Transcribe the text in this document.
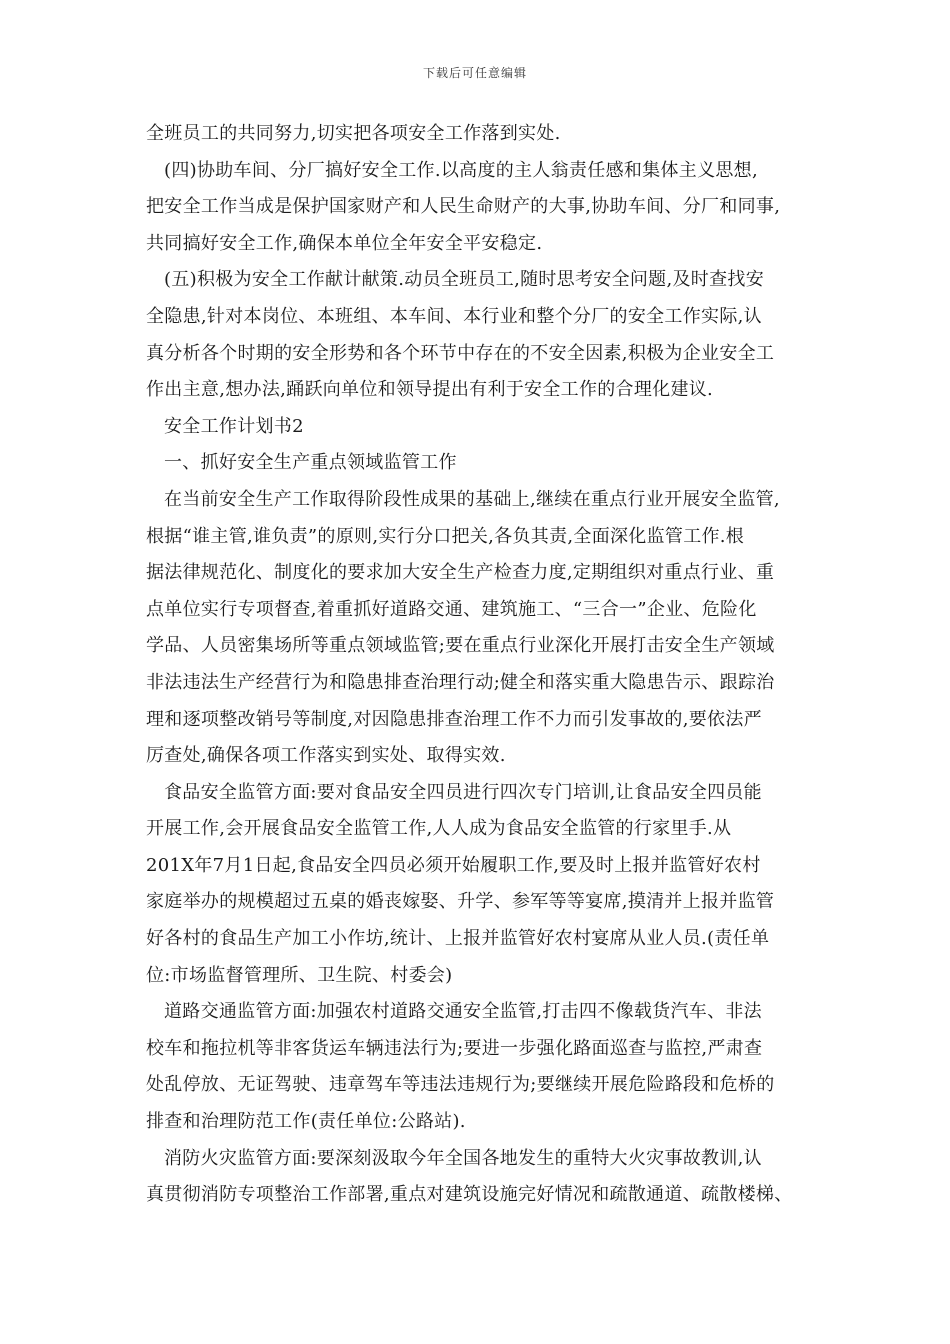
下载后可任意编辑
全班员工的共同努力,切实把各项安全工作落到实处.
(四)协助车间、分厂搞好安全工作.以高度的主人翁责任感和集体主义思想,
把安全工作当成是保护国家财产和人民生命财产的大事,协助车间、分厂和同事,
共同搞好安全工作,确保本单位全年安全平安稳定.
(五)积极为安全工作献计献策.动员全班员工,随时思考安全问题,及时查找安
全隐患,针对本岗位、本班组、本车间、本行业和整个分厂的安全工作实际,认
真分析各个时期的安全形势和各个环节中存在的不安全因素,积极为企业安全工
作出主意,想办法,踊跃向单位和领导提出有利于安全工作的合理化建议.
安全工作计划书2
一、抓好安全生产重点领域监管工作
在当前安全生产工作取得阶段性成果的基础上,继续在重点行业开展安全监管,
根据“谁主管,谁负责”的原则,实行分口把关,各负其责,全面深化监管工作.根
据法律规范化、制度化的要求加大安全生产检查力度,定期组织对重点行业、重
点单位实行专项督查,着重抓好道路交通、建筑施工、“三合一”企业、危险化
学品、人员密集场所等重点领域监管;要在重点行业深化开展打击安全生产领域
非法违法生产经营行为和隐患排查治理行动;健全和落实重大隐患告示、跟踪治
理和逐项整改销号等制度,对因隐患排查治理工作不力而引发事故的,要依法严
厉查处,确保各项工作落实到实处、取得实效.
食品安全监管方面:要对食品安全四员进行四次专门培训,让食品安全四员能
开展工作,会开展食品安全监管工作,人人成为食品安全监管的行家里手.从
201X年7月1日起,食品安全四员必须开始履职工作,要及时上报并监管好农村
家庭举办的规模超过五桌的婚丧嫁娶、升学、参军等等宴席,摸清并上报并监管
好各村的食品生产加工小作坊,统计、上报并监管好农村宴席从业人员.(责任单
位:市场监督管理所、卫生院、村委会)
道路交通监管方面:加强农村道路交通安全监管,打击四不像载货汽车、非法
校车和拖拉机等非客货运车辆违法行为;要进一步强化路面巡查与监控,严肃查
处乱停放、无证驾驶、违章驾车等违法违规行为;要继续开展危险路段和危桥的
排查和治理防范工作(责任单位:公路站).
消防火灾监管方面:要深刻汲取今年全国各地发生的重特大火灾事故教训,认
真贯彻消防专项整治工作部署,重点对建筑设施完好情况和疏散通道、疏散楼梯、
